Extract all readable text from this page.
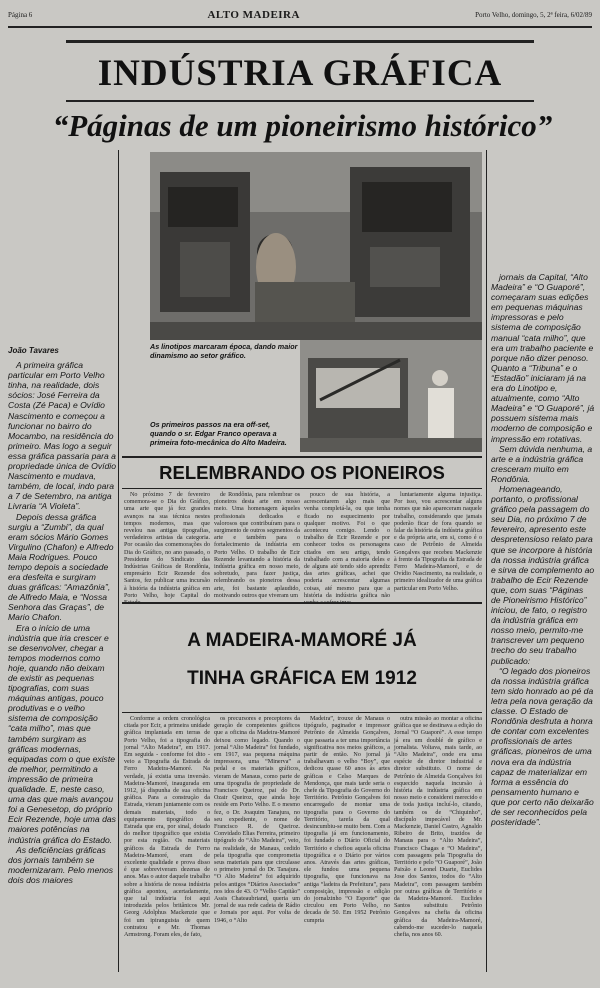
Página 6	ALTO MADEIRA	Porto Velho, domingo, 5, 2ª feira, 6/02/89
INDÚSTRIA GRÁFICA
“Páginas de um pioneirismo histórico”
As linotipos marcaram época, dando maior dinamismo ao setor gráfico.
Os primeiros passos na era off-set, quando o sr. Edgar Franco operava a primeira foto-mecânica do Alto Madeira.
João Tavares

A primeira gráfica particular em Porto Velho tinha, na realidade, dois sócios: José Ferreira da Costa (Zé Paca) e Ovídio Nascimento e começou a funcionar no bairro do Mocambo, na residência do primeiro. Mas logo a seguir essa gráfica passaria para a propriedade única de Ovídio Nascimento e mudava, também, de local, indo para a 7 de Setembro, na antiga Livraria “A Violeta”.

Depois dessa gráfica surgiu a “Zumbi”, da qual eram sócios Mário Gomes Virgulino (Chafon) e Alfredo Maia Rodrigues. Pouco tempo depois a sociedade era desfeita e surgiram duas gráficas: “Amazônia”, de Alfredo Maia, e “Nossa Senhora das Graças”, de Mario Chafon.

Era o início de uma indústria que iria crescer e se desenvolver, chegar a tempos modernos como hoje, quando não deixam de existir as pequenas tipografias, com suas máquinas antigas, pouco produtivas e o velho sistema de composição “cata milho”, mas que também surgiram as gráficas modernas, equipadas com o que existe de melhor, permitindo a impressão de primeira qualidade. E, neste caso, uma das que mais avançou foi a Genesetop, do próprio Ecir Rezende, hoje uma das maiores potências na indústria gráfica do Estado.

As deficiências gráficas dos jornais também se modernizaram. Pelo menos dois dos maiores

jornais da Capital, “Alto Madeira” e “O Guaporé”, começaram suas edições em pequenas máquinas impressoras e pelo sistema de composição manual “cata milho”, que era um trabalho paciente e porque não dizer penoso. Quanto a “Tribuna” e o “Estadão” iniciaram já na era do Linotipo e, atualmente, como “Alto Madeira” e “O Guaporé”, já possuem sistema mais moderno de composição e impressão em rotativas.

Sem dúvida nenhuma, a arte e a indústria gráfica cresceram muito em Rondônia.

Homenageando, portanto, o profissional gráfico pela passagem do seu Dia, no próximo 7 de fevereiro, apresento este despretensioso relato para que se incorpore à história da nossa indústria gráfica e sirva de complemento ao trabalho de Ecir Rezende que, com suas “Páginas de Pioneirismo Histórico” iniciou, de fato, o registro da indústria gráfica em nosso meio, permito-me transcrever um pequeno trecho do seu trabalho publicado:

“O legado dos pioneiros da nossa indústria gráfica tem sido honrado ao pé da letra pela nova geração da classe. O Estado de Rondônia desfruta a honra de contar com excelentes profissionais de artes gráficas, pioneiros de uma nova era da indústria capaz de materializar em forma a essência do pensamento humano e que por certo não deixarão de ser reconhecidos pela posteridade”.

RELEMBRANDO OS PIONEIROS

No próximo 7 de fevereiro comemora-se o Dia do Gráfico, uma arte que já fez grandes avanços na sua técnica nestes tempos modernos, mas que revelou nas antigas tipografias, verdadeiros artistas da categoria. Por ocasião das comemorações do Dia do Gráfico, no ano passado, o Presidente do Sindicato das Indústrias Gráficas de Rondônia, empresário Ecir Rezende dos Santos, fez publicar uma incursão à história da indústria gráfica em Porto Velho, hoje Capital do

de Rondônia, para relembrar os pioneiros desta arte em nosso meio. Uma homenagem àqueles profissionais dedicados e valorosos que contribuíram para o surgimento de outros segmentos da arte e também para o fortalecimento da indústria em Porto Velho. O trabalho de Ecir Rezende levantando a história da indústria gráfica em nosso meio, sobretudo, para fazer justiça, relembrando os pioneiros dessa arte, foi bastante aplaudido, motivando outros que viveram um

pouco de sua história, a acrescentarem algo mais que venha completá-la, ou que tenha ficado no esquecimento por qualquer motivo. Foi o que aconteceu comigo. Lendo o trabalho de Ecir Rezende e por conhecer todos os personagens citados em seu artigo, tendo trabalhado com a maioria deles e de alguns até tendo sido aprendiz das artes gráficas, achei que poderia acrescentar algumas coisas, até mesmo para que a história da indústria gráfica não

luntariamente alguma injustiça. Por isso, vou acrescentar alguns nomes que não apareceram naquele trabalho, considerando que jamais poderão ficar de fora quando se falar da história da indústria gráfica e da própria arte, em si, como é o caso de Petrônio de Almeida Gonçalves que recebeu Mackenzie à frente da Tipografia da Estrada de Ferro Madeira-Mamoré, e de Ovídio Nascimento, na realidade, o primeiro idealizador de uma gráfica particular em Porto Velho.

A MADEIRA-MAMORÉ JÁ
TINHA GRÁFICA EM 1912

Conforme a ordem cronológica citada por Ecir, a primeira unidade gráfica implantada em terras de Porto Velho, foi a tipografia do jornal “Alto Madeira”, em 1917. Em seguida - conforme foi dito - veio a Tipografia da Estrada de Ferro Madeira-Mamoré. Na verdade, já existia uma inversão. Madeira-Mamoré, inaugurada em 1912, já dispunha de sua oficina gráfica. Para a construção da Estrada, vieram juntamente com os demais materiais, todo o equipamento tipográfico da Estrada que era, por sinal, dotado do melhor tipográfico que existia por esta região. Os materiais gráficos da Estrada de Ferro Madeira-Mamoré, eram de excelente qualidade e prova disso é que sobreviveram dezenas de anos. Mas o autor daquele trabalho sobre a história de nossa indústria gráfica apontou, acertadamente, que tal indústria foi aqui introduzida pelos britânicos Mr. Georg Adolphus Mackenzie que foi um ipiranguista de quem contratou e Mr. Thomas Armstrong. Foram eles, de fato,

os precursores e preceptores da geração de competentes gráficos que a oficina da Madeira-Mamoré deixou como legado. Quando o jornal “Alto Madeira” foi fundado, em 1917, sua pequena máquina impressora, uma “Minerva” a pedal e os materiais gráficos, vieram de Manaus, como parte de uma tipografia de propriedade de Francisco Queiroz, pai do Dr. Ozair Queiroz, que ainda hoje reside em Porto Velho. E o mesmo fez, o Dr. Joaquim Tanajura, no seu expediente, o nome de Francisco R. de Queiroz. Convidado Elias Ferreira, primeiro tipógrafo do “Alto Madeira”, veio, na realidade, de Manaus, cedido pela tipografia que comprometia seus materiais para que circulasse o primeiro jornal do Dr. Tanajura. “O Alto Madeira” foi adquirido pelos antigos “Diários Associados” nos idos de 43. O “Velho Capitão” Assis Chateaubriand, queria um jornal de sua rede cadeia de Rádio e Jornais por aqui. Por volta de 1946, o “Alto

Madeira”, trouxe de Manaus o tipógrafo, paginador e impressor Petrônio de Almeida Gonçalves, que passaria a ter uma importância significativa nos meios gráficos, a partir de então. No jornal já trabalhavam o velho “Boy”, que dedicou quase 60 anos às artes gráficas e Celso Marques de Mendonça, que mais tarde seria o chefe da Tipografia do Governo do Território. Petrônio Gonçalves foi encarregado de montar uma tipografia para o Governo do Território, tarefa da qual desincumbiu-se muito bem. Com a tipografia já em funcionamento, foi fundado o Diário Oficial do Território e chefiou aquela oficina tipográfica e o Diário por vários anos. Através das artes gráficas, ele fundou uma pequena tipografia, que funcionava na antiga “ladeira da Prefeitura”, para composição, impressão e edição do jornalzinho “O Esporte” que circulou em Porto Velho, no decada de 50. Em 1952 Petrônio cumpria

outra missão ao montar a oficina gráfica que se destinava a edição do Jornal “O Guaporé”. A esse tempo já era um doublé de gráfico e jornalista. Voltava, mais tarde, ao “Alto Madeira”, onde era uma espécie de diretor industrial e diretor substituto. O nome de Petrônio de Almeida Gonçalves foi esquecido naquela incursão à história da indústria gráfica em nosso meio e considerei merecido e de toda justiça incluí-lo, citando, também os de “Chiquinho”, discípulo impecável de Mr. Mackenzie, Daniel Castro, Agnaldo Ribeiro de Brito, trazidos de Manaus para o “Alto Madeira”, Francisco Chagas e “O Madeira”, com passagens pela Tipografia do Território e pelo “O Guaporé”, João Paixão e Leonel Duarte, Euclides Jose dos Santos, todos do “Alto Madeira”, com passagem também por outras gráficas de Território e da Madeira-Mamoré. Euclides Santos substituiu Petrônio Gonçalves na chefia da oficina gráfica da Madeira-Mamoré, cabendo-me suceder-lo naquela chefia, nos anos 60.
